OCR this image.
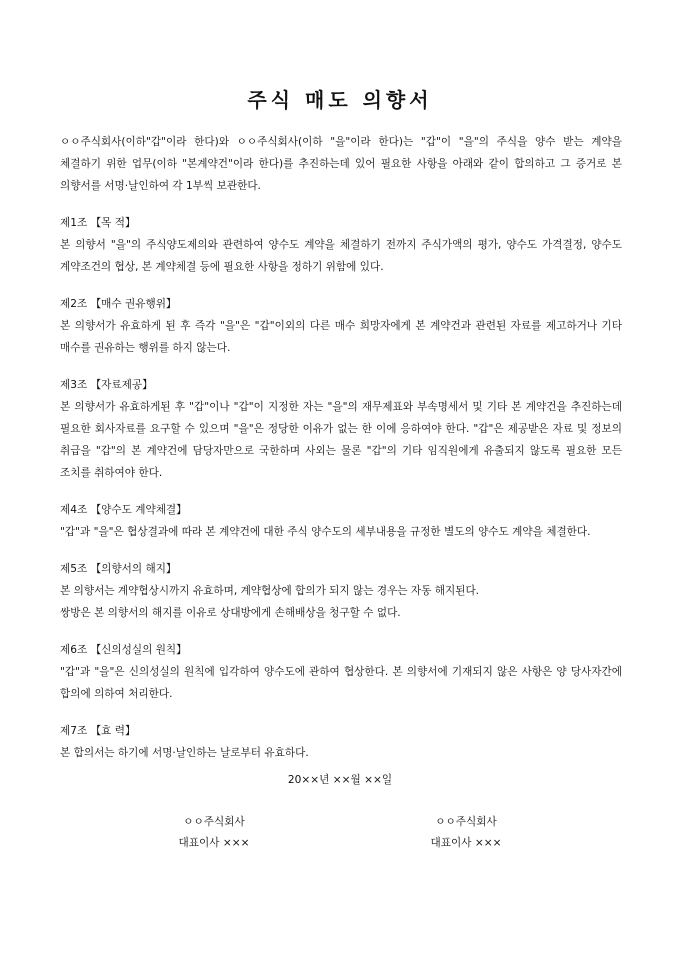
주식 매도 의향서

ㅇㅇ주식회사(이하"갑"이라 한다)와 ㅇㅇ주식회사(이하 "을"이라 한다)는 "갑"이 "을"의 주식을 양수 받는 계약을 체결하기 위한 업무(이하 "본계약건"이라 한다)를 추진하는데 있어 필요한 사항을 아래와 같이 합의하고 그 증거로 본 의향서를 서명·날인하여 각 1부씩 보관한다.

제1조 【목 적】

본 의향서 "을"의 주식양도제의와 관련하여 양수도 계약을 체결하기 전까지 주식가액의 평가, 양수도 가격결정, 양수도 계약조건의 협상, 본 계약체결 등에 필요한 사항을 정하기 위함에 있다.

제2조 【매수 권유행위】

본 의향서가 유효하게 된 후 즉각 "을"은 "갑"이외의 다른 매수 희망자에게 본 계약건과 관련된 자료를 제고하거나 기타 매수를 권유하는 행위를 하지 않는다.

제3조 【자료제공】

본 의향서가 유효하게된 후 "갑"이나 "갑"이 지정한 자는 "을"의 재무제표와 부속명세서 및 기타 본 계약건을 추진하는데 필요한 회사자료를 요구할 수 있으며 "을"은 정당한 이유가 없는 한 이에 응하여야 한다. "갑"은 제공받은 자료 및 정보의 취급을 "갑"의 본 계약건에 담당자만으로 국한하며 사외는 물론 "갑"의 기타 임직원에게 유출되지 않도록 필요한 모든 조치를 취하여야 한다.

제4조 【양수도 계약체결】

"갑"과 "을"은 협상결과에 따라 본 계약건에 대한 주식 양수도의 세부내용을 규정한 별도의 양수도 계약을 체결한다.

제5조 【의향서의 해지】

본 의향서는 계약협상시까지 유효하며, 계약협상에 합의가 되지 않는 경우는 자동 해지된다.

쌍방은 본 의향서의 해지를 이유로 상대방에게 손해배상을 청구할 수 없다.

제6조 【신의성실의 원칙】

"갑"과 "을"은 신의성실의 원칙에 입각하여 양수도에 관하여 협상한다. 본 의향서에 기재되지 않은 사항은 양 당사자간에 합의에 의하여 처리한다.

제7조 【효 력】

본 합의서는 하기에 서명·날인하는 날로부터 유효하다.

20××년 ××월 ××일
ㅇㅇ주식회사
대표이사 ×××
ㅇㅇ주식회사
대표이사 ×××
